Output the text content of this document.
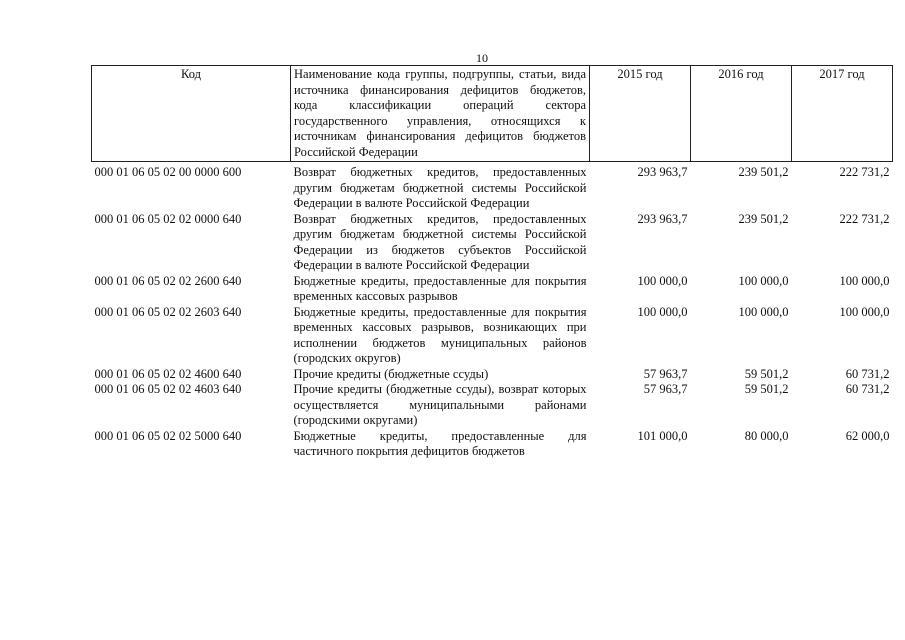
10
Код	Наименование кода группы, подгруппы, статьи, вида источника финансирования дефицитов бюджетов, кода классификации операций сектора государственного управления, относящихся к источникам финансирования дефицитов бюджетов Российской Федерации	2015 год	2016 год	2017 год
000 01 06 05 02 00 0000 600	Возврат бюджетных кредитов, предоставленных другим бюджетам бюджетной системы Российской Федерации в валюте Российской Федерации	293 963,7	239 501,2	222 731,2
000 01 06 05 02 02 0000 640	Возврат бюджетных кредитов, предоставленных другим бюджетам бюджетной системы Российской Федерации из бюджетов субъектов Российской Федерации в валюте Российской Федерации	293 963,7	239 501,2	222 731,2
000 01 06 05 02 02 2600 640	Бюджетные кредиты, предоставленные для покрытия временных кассовых разрывов	100 000,0	100 000,0	100 000,0
000 01 06 05 02 02 2603 640	Бюджетные кредиты, предоставленные для покрытия временных кассовых разрывов, возникающих при исполнении бюджетов муниципальных районов (городских округов)	100 000,0	100 000,0	100 000,0
000 01 06 05 02 02 4600 640	Прочие кредиты (бюджетные ссуды)	57 963,7	59 501,2	60 731,2
000 01 06 05 02 02 4603 640	Прочие кредиты (бюджетные ссуды), возврат которых осуществляется муниципальными районами (городскими округами)	57 963,7	59 501,2	60 731,2
000 01 06 05 02 02 5000 640	Бюджетные кредиты, предоставленные для частичного покрытия дефицитов бюджетов	101 000,0	80 000,0	62 000,0
